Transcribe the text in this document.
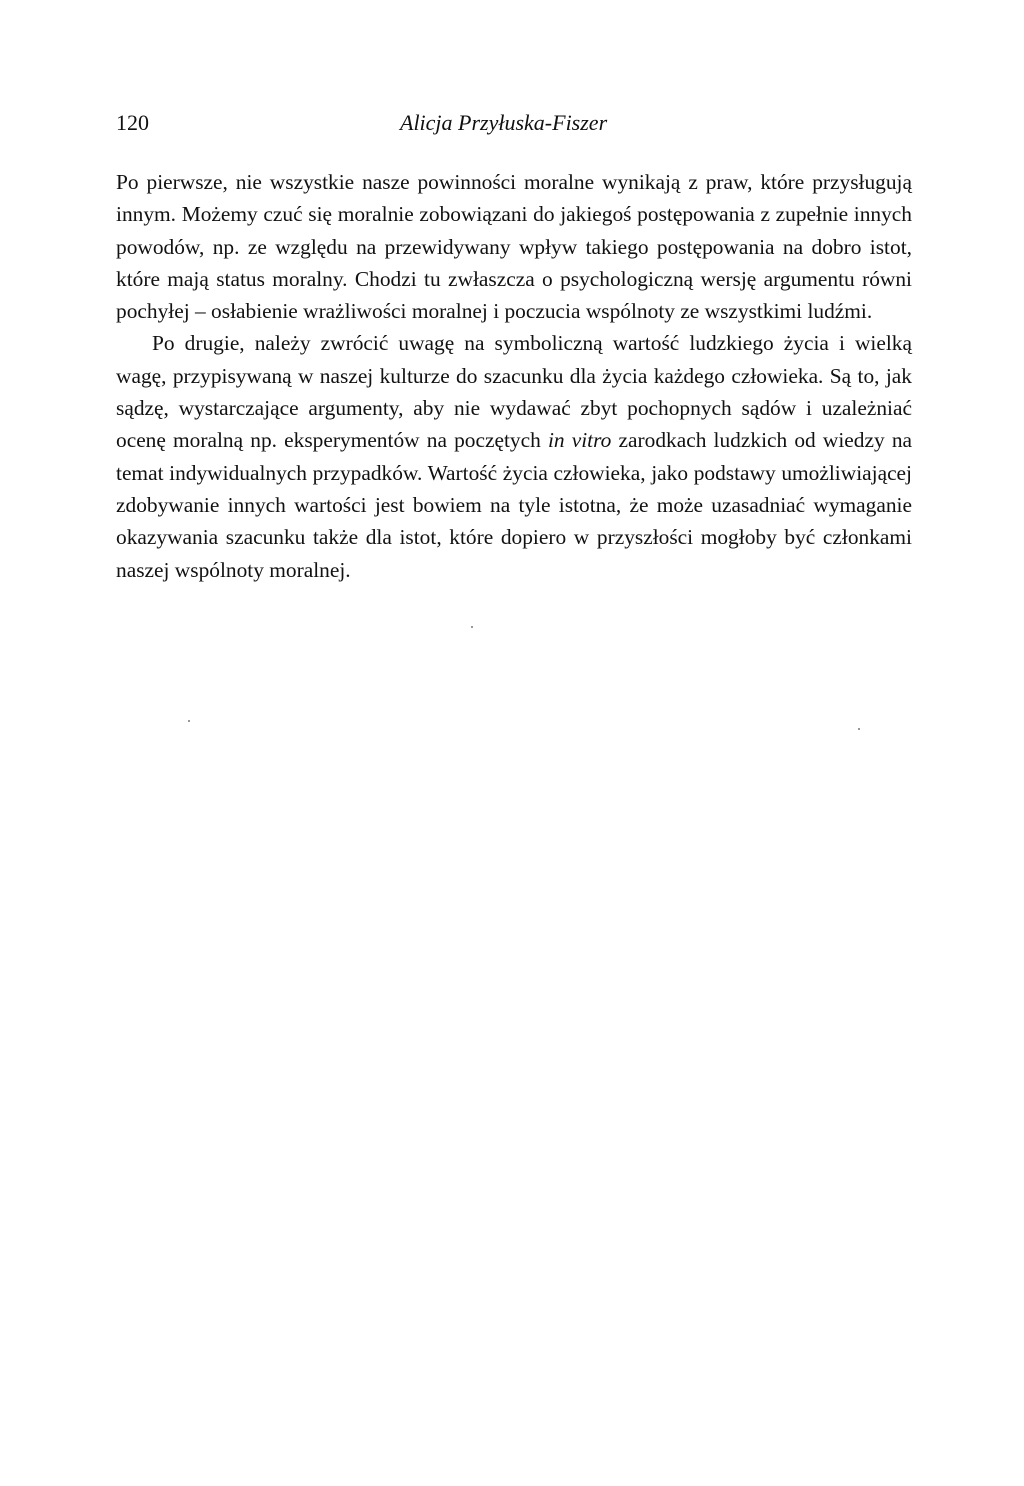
120	Alicja Przyłuska-Fiszer

Po pierwsze, nie wszystkie nasze powinności moralne wynikają z praw, które przysługują innym. Możemy czuć się moralnie zobowiązani do jakiegoś postępowania z zupełnie innych powodów, np. ze względu na przewidywany wpływ takiego postępowania na dobro istot, które mają status moralny. Chodzi tu zwłaszcza o psychologiczną wersję argumentu równi pochyłej – osłabienie wrażliwości moralnej i poczucia wspólnoty ze wszystkimi ludźmi.

Po drugie, należy zwrócić uwagę na symboliczną wartość ludzkiego życia i wielką wagę, przypisywaną w naszej kulturze do szacunku dla życia każdego człowieka. Są to, jak sądzę, wystarczające argumenty, aby nie wydawać zbyt pochopnych sądów i uzależniać ocenę moralną np. eksperymentów na poczętych in vitro zarodkach ludzkich od wiedzy na temat indywidualnych przypadków. Wartość życia człowieka, jako podstawy umożliwiającej zdobywanie innych wartości jest bowiem na tyle istotna, że może uzasadniać wymaganie okazywania szacunku także dla istot, które dopiero w przyszłości mogłoby być członkami naszej wspólnoty moralnej.
